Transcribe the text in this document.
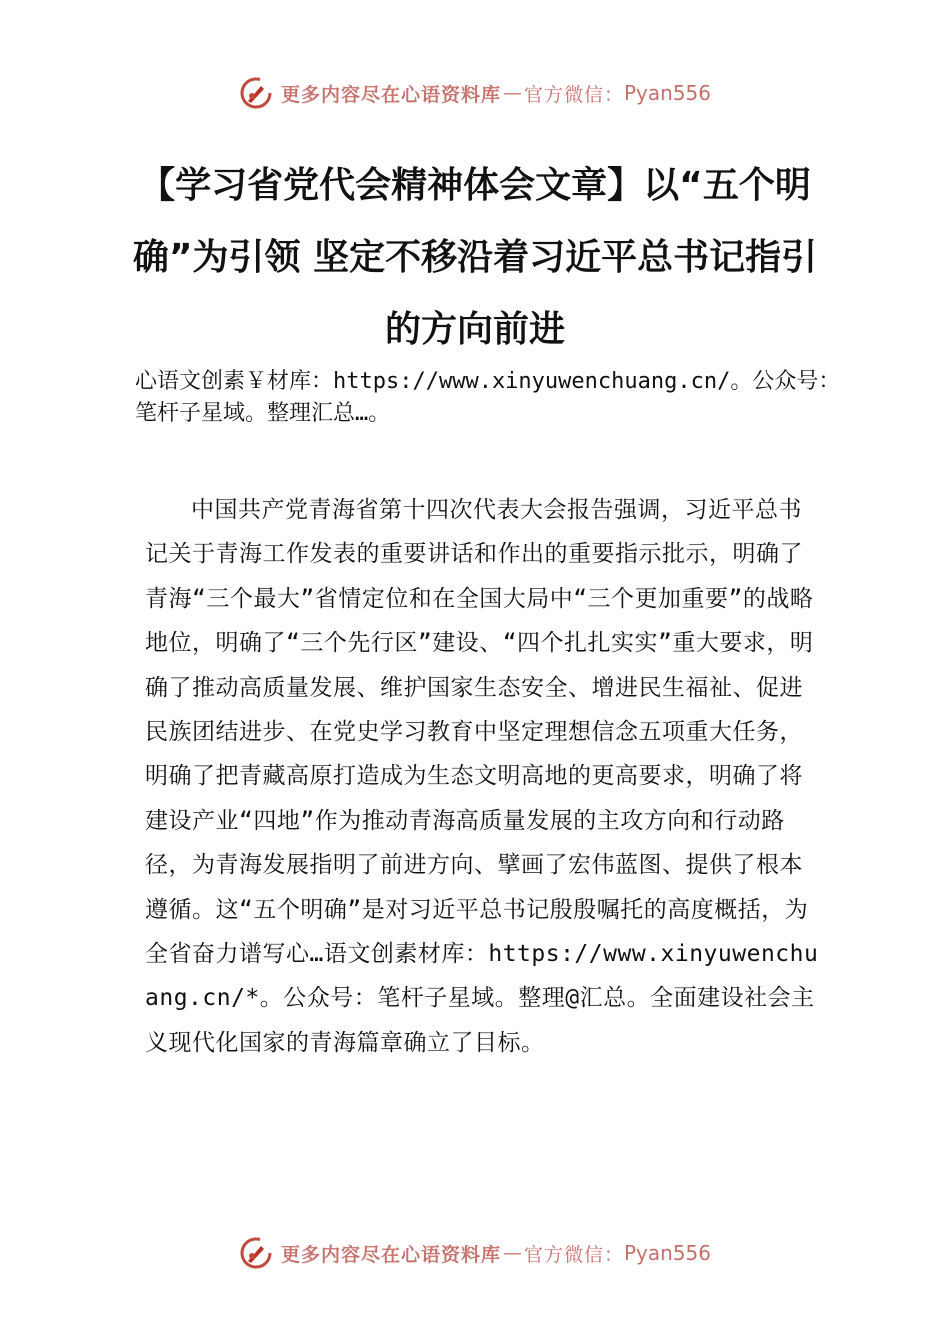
更多内容尽在心语资料库 — 官方微信： Pyan556
【学习省党代会精神体会文章】以“五个明确”为引领 坚定不移沿着习近平总书记指引的方向前进

心语文创素￥材库：https://www.xinyuwenchuang.cn/。公众号：笔杆子星域。整理汇总…。

中国共产党青海省第十四次代表大会报告强调，习近平总书记关于青海工作发表的重要讲话和作出的重要指示批示，明确了青海“三个最大”省情定位和在全国大局中“三个更加重要”的战略地位，明确了“三个先行区”建设、“四个扎扎实实”重大要求，明确了推动高质量发展、维护国家生态安全、增进民生福祉、促进民族团结进步、在党史学习教育中坚定理想信念五项重大任务，明确了把青藏高原打造成为生态文明高地的更高要求，明确了将建设产业“四地”作为推动青海高质量发展的主攻方向和行动路径，为青海发展指明了前进方向、擘画了宏伟蓝图、提供了根本遵循。这“五个明确”是对习近平总书记殷殷嘱托的高度概括，为全省奋力谱写心…语文创素材库：https://www.xinyuwenchuang.cn/*。公众号：笔杆子星域。整理@汇总。全面建设社会主义现代化国家的青海篇章确立了目标。

更多内容尽在心语资料库 — 官方微信： Pyan556
